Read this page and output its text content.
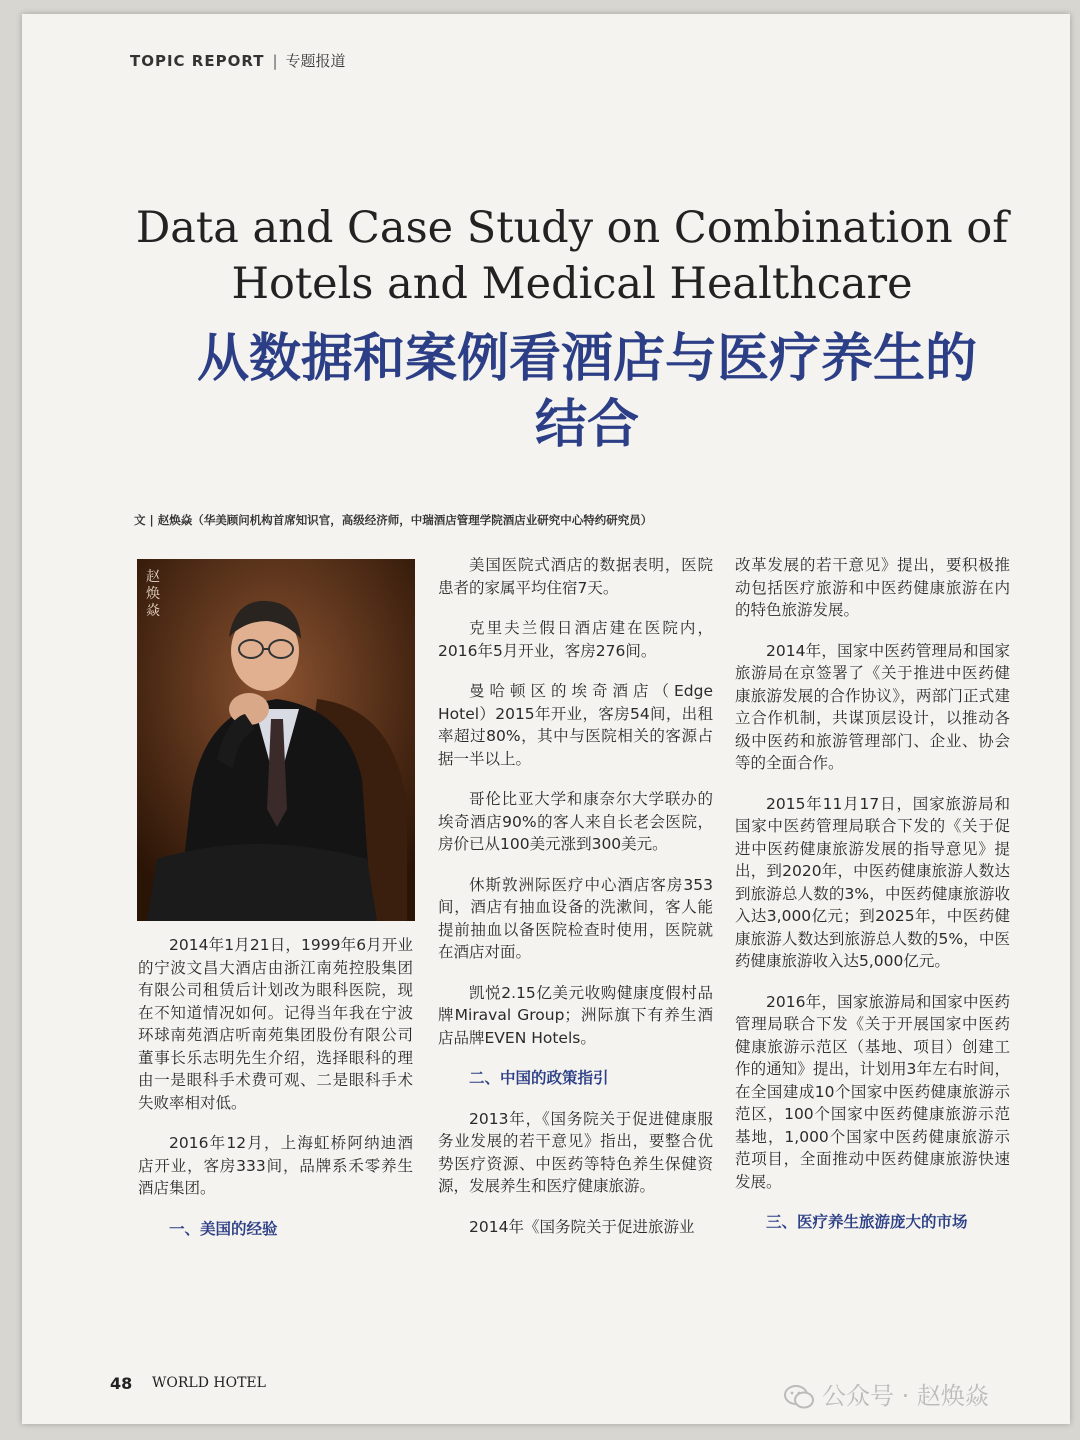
TOPIC REPORT | 专题报道
Data and Case Study on Combination of Hotels and Medical Healthcare
从数据和案例看酒店与医疗养生的结合
文 | 赵焕焱（华美顾问机构首席知识官，高级经济师，中瑞酒店管理学院酒店业研究中心特约研究员）
赵焕焱

2014年1月21日，1999年6月开业的宁波文昌大酒店由浙江南苑控股集团有限公司租赁后计划改为眼科医院，现在不知道情况如何。记得当年我在宁波环球南苑酒店听南苑集团股份有限公司董事长乐志明先生介绍，选择眼科的理由一是眼科手术费可观、二是眼科手术失败率相对低。

2016年12月，上海虹桥阿纳迪酒店开业，客房333间，品牌系禾零养生酒店集团。

一、美国的经验

美国医院式酒店的数据表明，医院患者的家属平均住宿7天。

克里夫兰假日酒店建在医院内，2016年5月开业，客房276间。

曼哈顿区的埃奇酒店（Edge Hotel）2015年开业，客房54间，出租率超过80%，其中与医院相关的客源占据一半以上。

哥伦比亚大学和康奈尔大学联办的埃奇酒店90%的客人来自长老会医院，房价已从100美元涨到300美元。

休斯敦洲际医疗中心酒店客房353间，酒店有抽血设备的洗漱间，客人能提前抽血以备医院检查时使用，医院就在酒店对面。

凯悦2.15亿美元收购健康度假村品牌Miraval Group；洲际旗下有养生酒店品牌EVEN Hotels。

二、中国的政策指引

2013年，《国务院关于促进健康服务业发展的若干意见》指出，要整合优势医疗资源、中医药等特色养生保健资源，发展养生和医疗健康旅游。

2014年《国务院关于促进旅游业

改革发展的若干意见》提出，要积极推动包括医疗旅游和中医药健康旅游在内的特色旅游发展。

2014年，国家中医药管理局和国家旅游局在京签署了《关于推进中医药健康旅游发展的合作协议》，两部门正式建立合作机制，共谋顶层设计，以推动各级中医药和旅游管理部门、企业、协会等的全面合作。

2015年11月17日，国家旅游局和国家中医药管理局联合下发的《关于促进中医药健康旅游发展的指导意见》提出，到2020年，中医药健康旅游人数达到旅游总人数的3%，中医药健康旅游收入达3,000亿元；到2025年，中医药健康旅游人数达到旅游总人数的5%，中医药健康旅游收入达5,000亿元。

2016年，国家旅游局和国家中医药管理局联合下发《关于开展国家中医药健康旅游示范区（基地、项目）创建工作的通知》提出，计划用3年左右时间，在全国建成10个国家中医药健康旅游示范区，100个国家中医药健康旅游示范基地，1,000个国家中医药健康旅游示范项目，全面推动中医药健康旅游快速发展。

三、医疗养生旅游庞大的市场
48 WORLD HOTEL	公众号 · 赵焕焱
